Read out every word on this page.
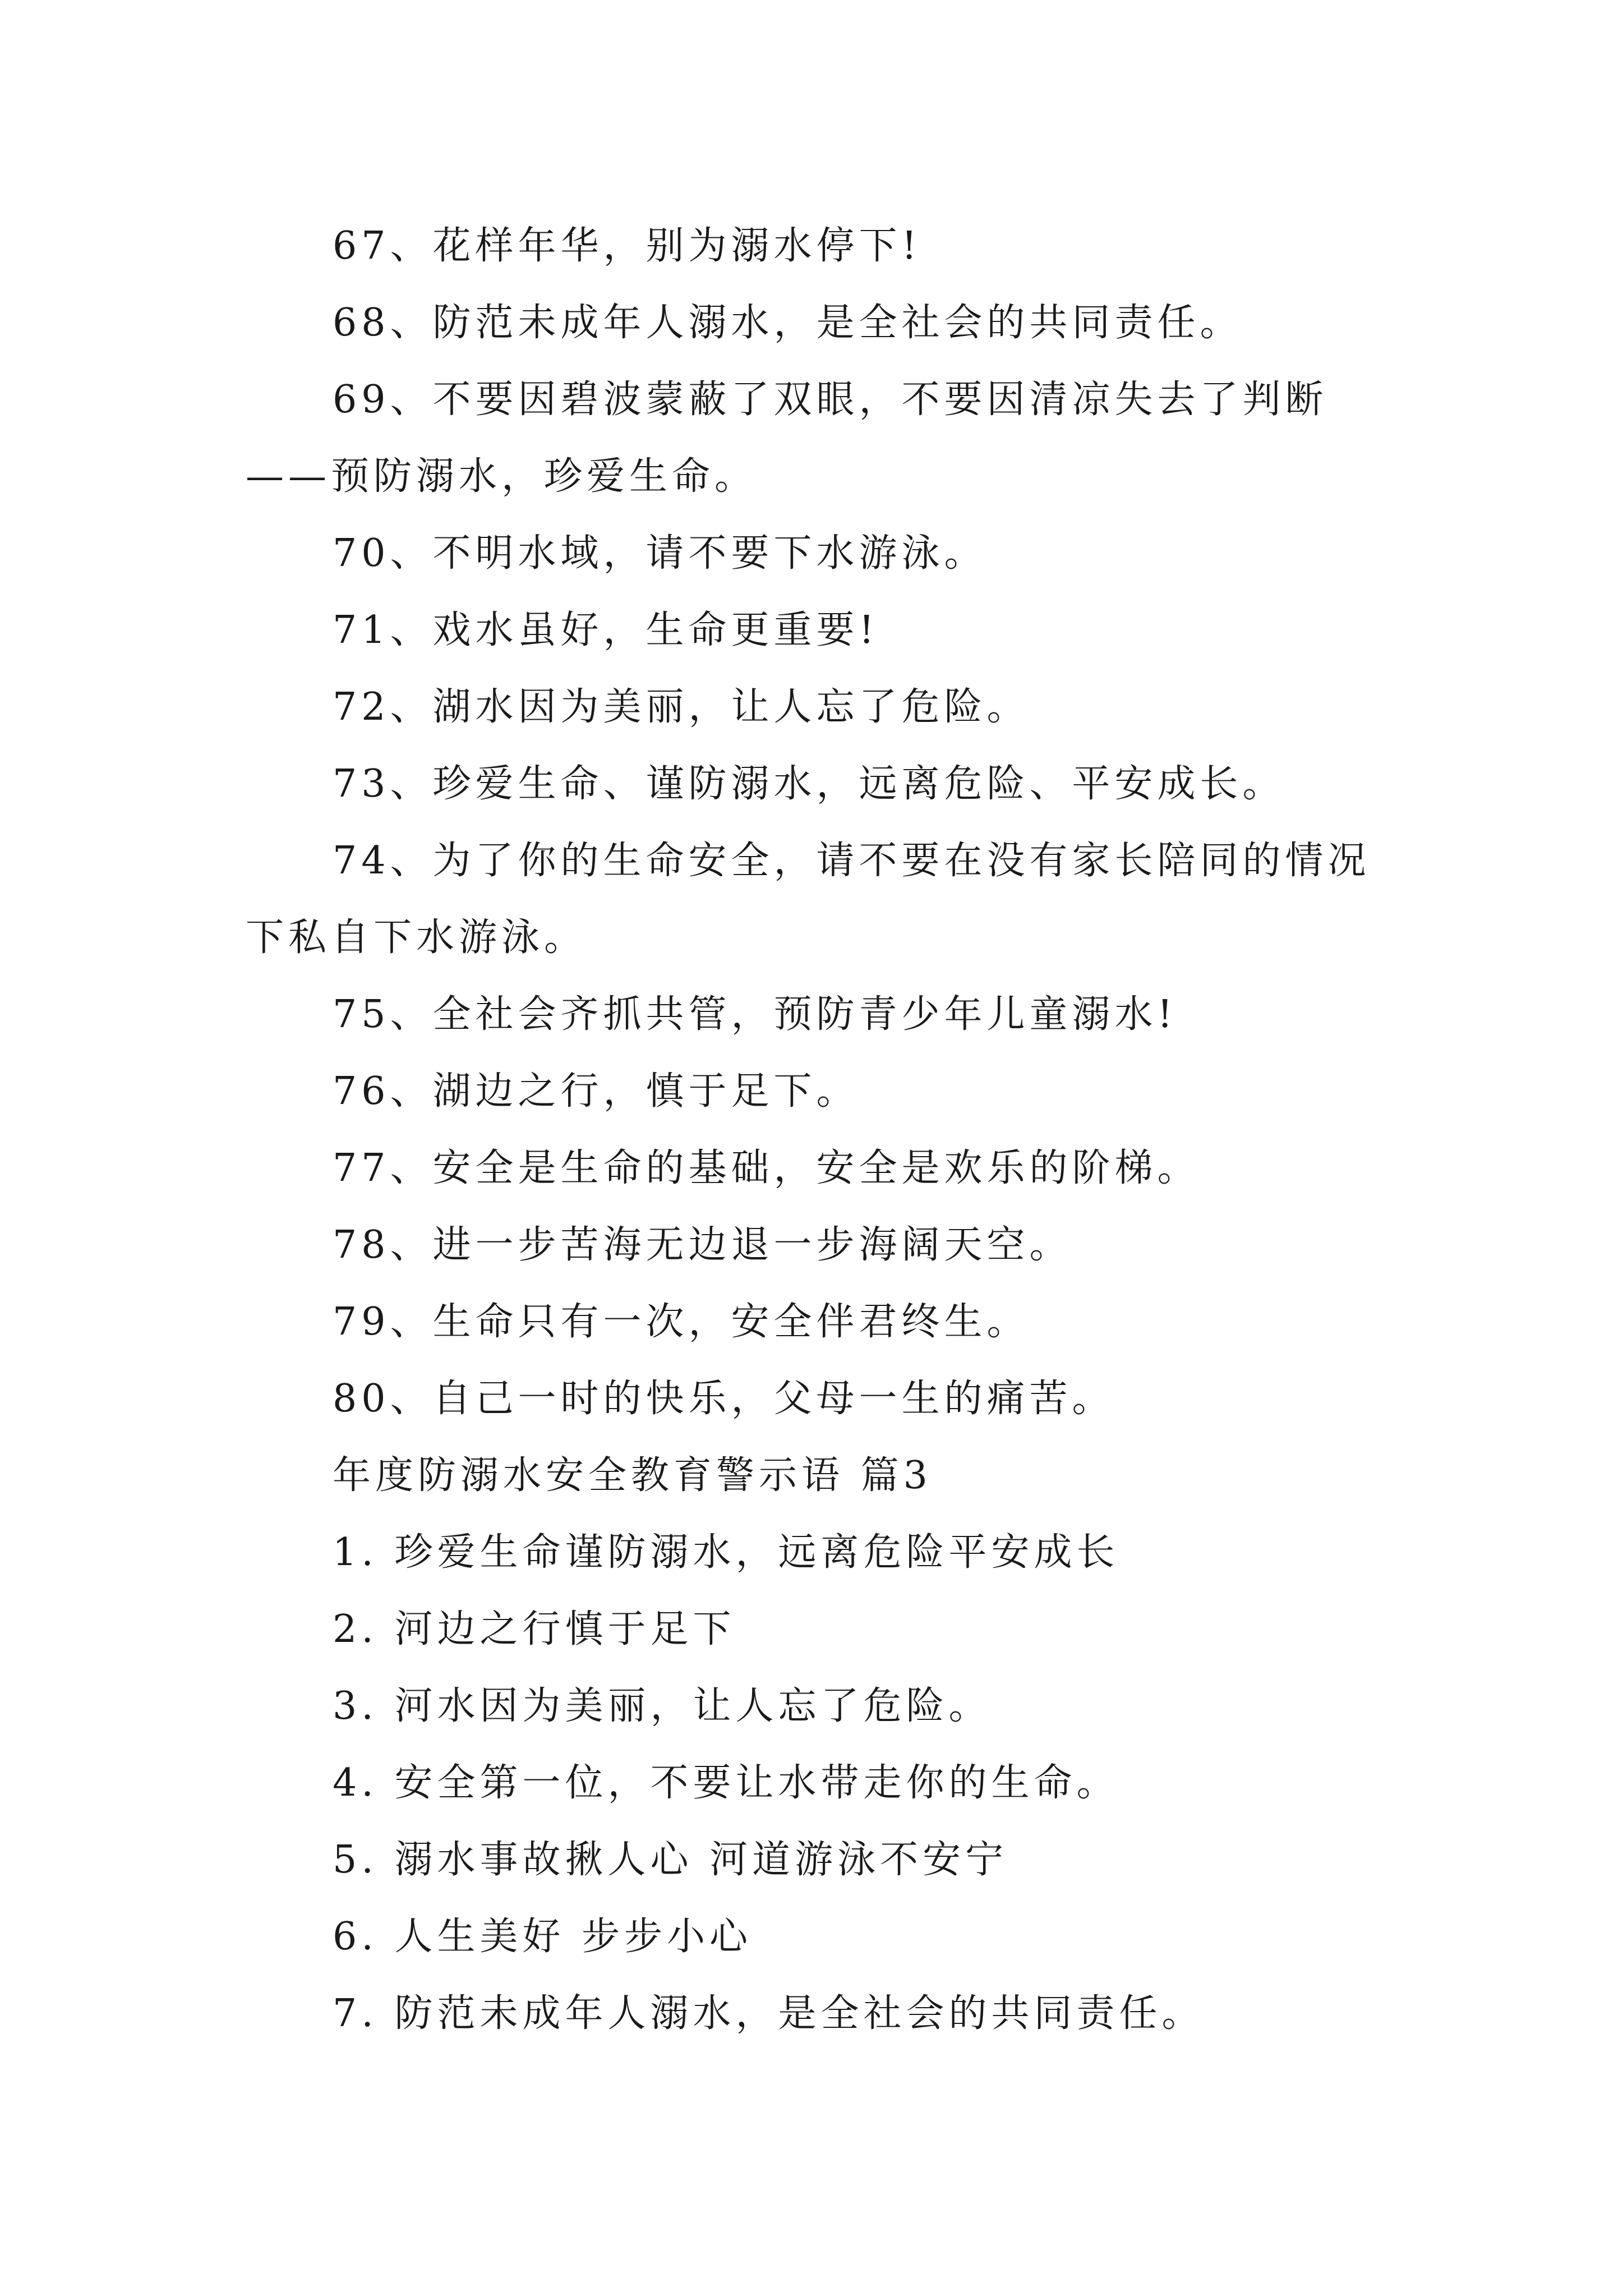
67、花样年华，别为溺水停下!

68、防范未成年人溺水，是全社会的共同责任。

69、不要因碧波蒙蔽了双眼，不要因清凉失去了判断——预防溺水，珍爱生命。

70、不明水域，请不要下水游泳。

71、戏水虽好，生命更重要!

72、湖水因为美丽，让人忘了危险。

73、珍爱生命、谨防溺水，远离危险、平安成长。

74、为了你的生命安全，请不要在没有家长陪同的情况下私自下水游泳。

75、全社会齐抓共管，预防青少年儿童溺水!

76、湖边之行，慎于足下。

77、安全是生命的基础，安全是欢乐的阶梯。

78、进一步苦海无边退一步海阔天空。

79、生命只有一次，安全伴君终生。

80、自己一时的快乐，父母一生的痛苦。

年度防溺水安全教育警示语 篇3

1. 珍爱生命谨防溺水，远离危险平安成长

2. 河边之行慎于足下

3. 河水因为美丽，让人忘了危险。

4. 安全第一位，不要让水带走你的生命。

5. 溺水事故揪人心 河道游泳不安宁

6. 人生美好 步步小心

7. 防范未成年人溺水，是全社会的共同责任。
